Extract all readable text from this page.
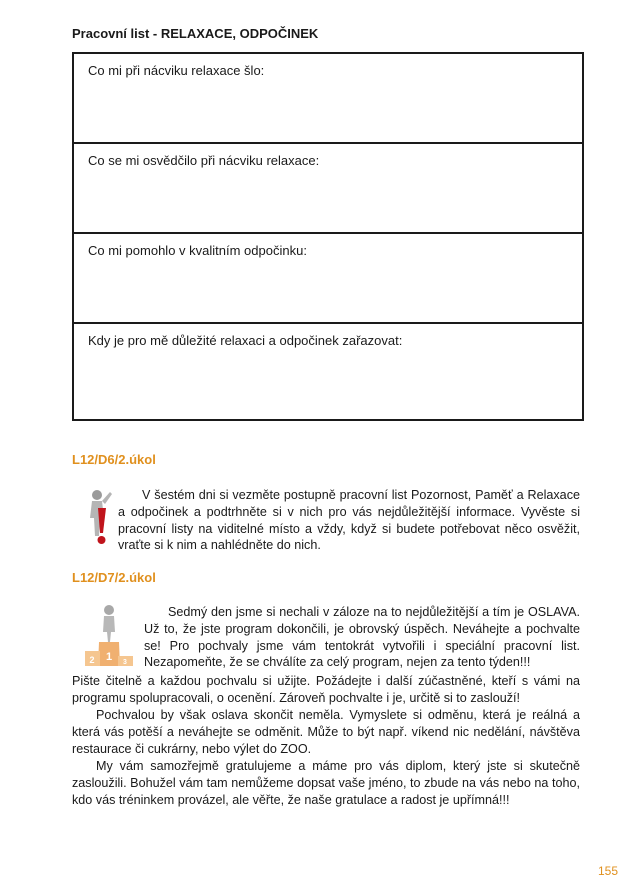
Pracovní list - RELAXACE, ODPOČINEK
Co mi při nácviku relaxace šlo:
Co se mi osvědčilo při nácviku relaxace:
Co mi pomohlo v kvalitním odpočinku:
Kdy je pro mě důležité relaxaci a odpočinek zařazovat:
L12/D6/2.úkol

V šestém dni si vezměte postupně pracovní list Pozornost, Paměť a Relaxace a odpočinek a podtrhněte si v nich pro vás nejdůležitější informace. Vyvěste si pracovní listy na viditelné místo a vždy, když si budete potřebovat něco osvěžit, vraťte si k nim a nahlédněte do nich.

L12/D7/2.úkol
1
2	3

Sedmý den jsme si nechali v záloze na to nejdůležitější a tím je OSLAVA. Už to, že jste program dokončili, je obrovský úspěch. Neváhejte a pochvalte se! Pro pochvaly jsme vám tentokrát vytvořili i speciální pracovní list. Nezapomeňte, že se chválíte za celý program, nejen za tento týden!!!

Pište čitelně a každou pochvalu si užijte. Požádejte i další zúčastněné, kteří s vámi na programu spolupracovali, o ocenění. Zároveň pochvalte i je, určitě si to zaslouží!

Pochvalou by však oslava skončit neměla. Vymyslete si odměnu, která je reálná a která vás potěší a neváhejte se odměnit. Může to být např. víkend nic nedělání, návštěva restaurace či cukrárny, nebo výlet do ZOO.

My vám samozřejmě gratulujeme a máme pro vás diplom, který jste si skutečně zasloužili. Bohužel vám tam nemůžeme dopsat vaše jméno, to zbude na vás nebo na toho, kdo vás tréninkem provázel, ale věřte, že naše gratulace a radost je upřímná!!!

155
